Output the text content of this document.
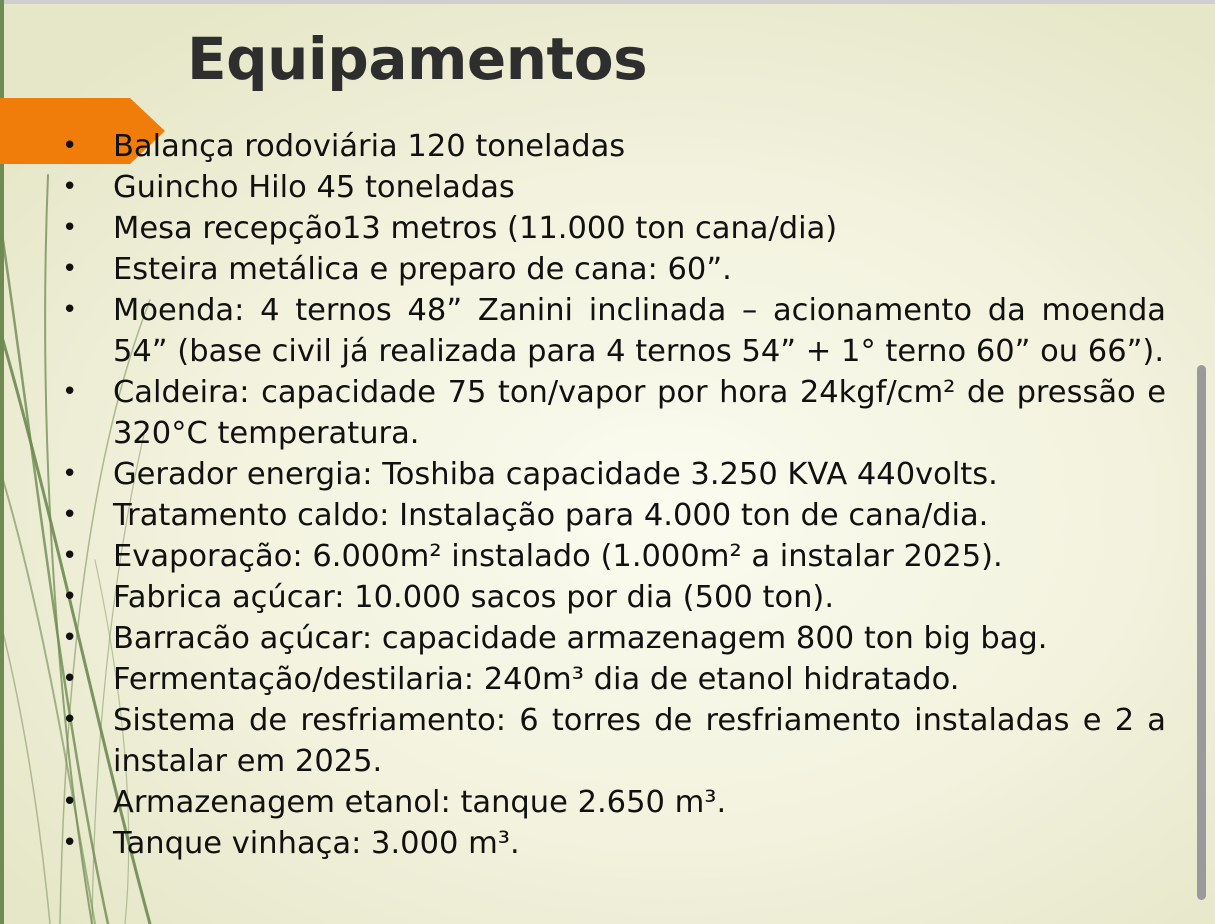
Equipamentos
• Balança rodoviária 120 toneladas
• Guincho Hilo 45 toneladas
• Mesa recepção13 metros (11.000 ton cana/dia)
• Esteira metálica e preparo de cana: 60”.
• Moenda: 4 ternos 48” Zanini inclinada – acionamento da moenda 54” (base civil já realizada para 4 ternos 54” + 1° terno 60” ou 66”).
• Caldeira: capacidade 75 ton/vapor por hora 24kgf/cm² de pressão e 320°C temperatura.
• Gerador energia: Toshiba capacidade 3.250 KVA 440volts.
• Tratamento caldo: Instalação para 4.000 ton de cana/dia.
• Evaporação: 6.000m² instalado (1.000m² a instalar 2025).
• Fabrica açúcar: 10.000 sacos por dia (500 ton).
• Barracão açúcar: capacidade armazenagem 800 ton big bag.
• Fermentação/destilaria: 240m³ dia de etanol hidratado.
• Sistema de resfriamento: 6 torres de resfriamento instaladas e 2 a instalar em 2025.
• Armazenagem etanol: tanque 2.650 m³.
• Tanque vinhaça: 3.000 m³.
